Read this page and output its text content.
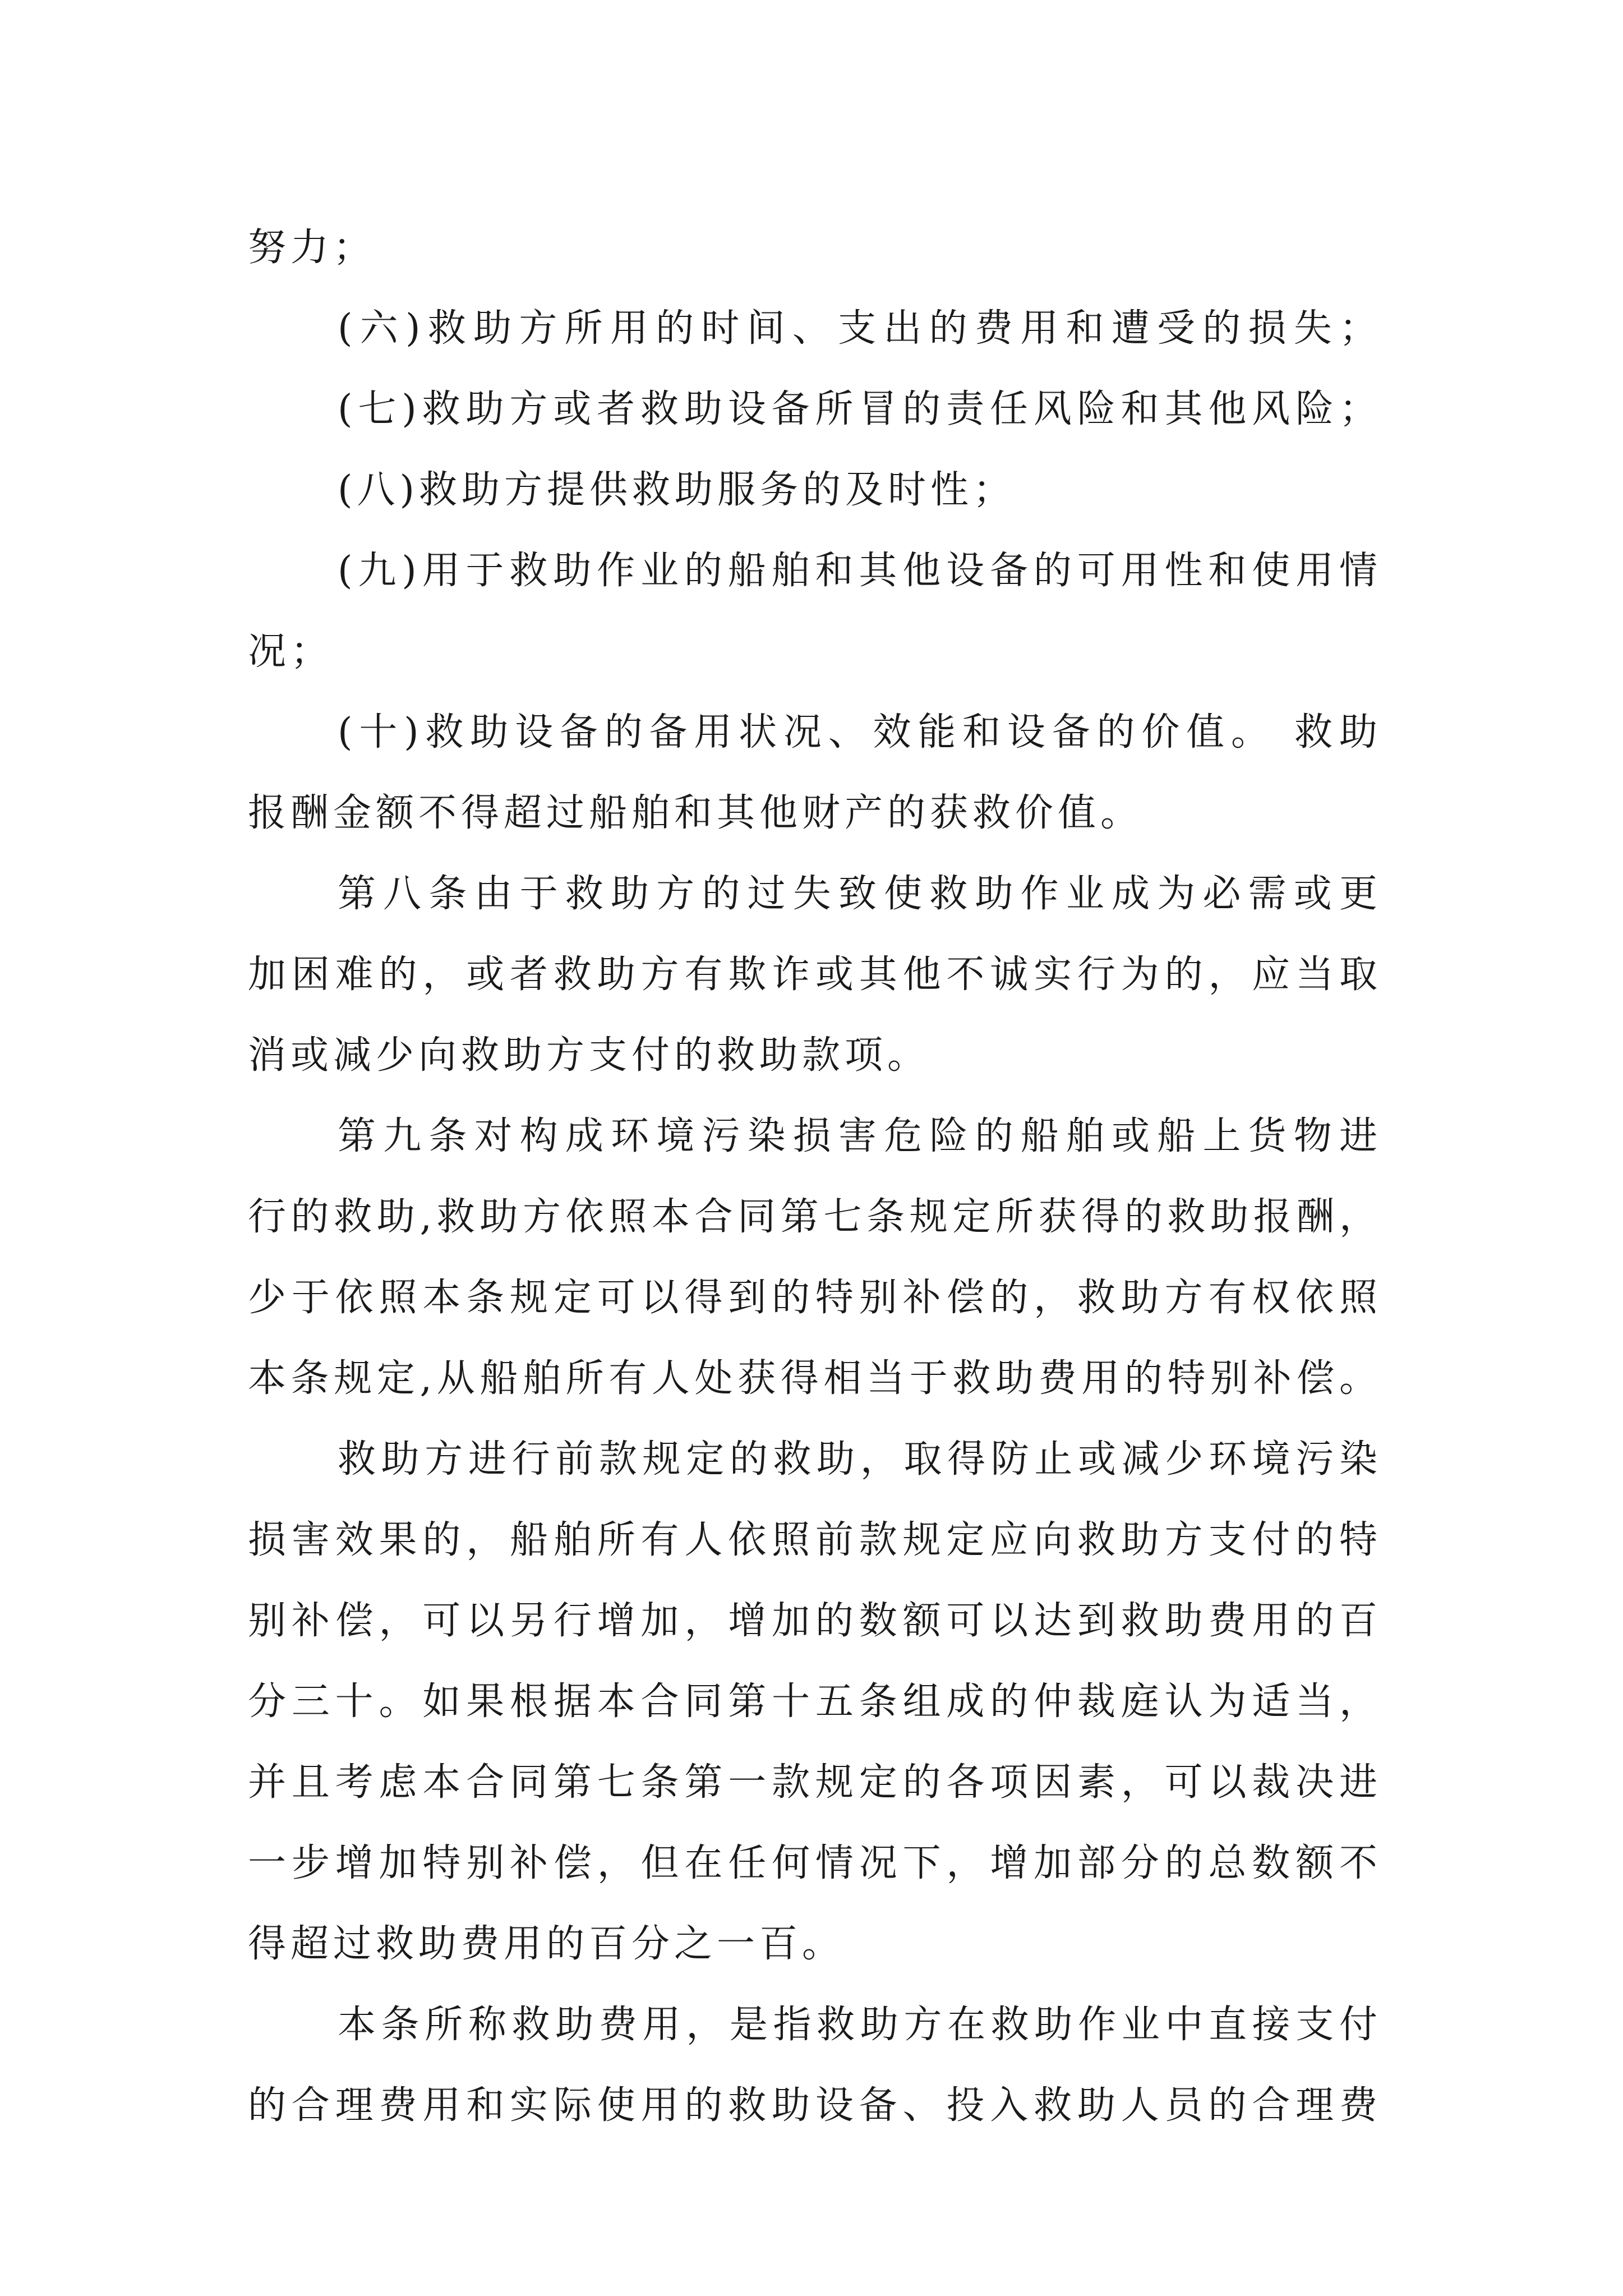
努力；
(六)救助方所用的时间、支出的费用和遭受的损失；
(七)救助方或者救助设备所冒的责任风险和其他风险；
(八)救助方提供救助服务的及时性；
(九)用于救助作业的船舶和其他设备的可用性和使用情
况；
(十)救助设备的备用状况、效能和设备的价值。 救助
报酬金额不得超过船舶和其他财产的获救价值。
第八条由于救助方的过失致使救助作业成为必需或更
加困难的，或者救助方有欺诈或其他不诚实行为的，应当取
消或减少向救助方支付的救助款项。
第九条对构成环境污染损害危险的船舶或船上货物进
行的救助,救助方依照本合同第七条规定所获得的救助报酬，
少于依照本条规定可以得到的特别补偿的，救助方有权依照
本条规定,从船舶所有人处获得相当于救助费用的特别补偿。
救助方进行前款规定的救助，取得防止或减少环境污染
损害效果的，船舶所有人依照前款规定应向救助方支付的特
别补偿，可以另行增加，增加的数额可以达到救助费用的百
分三十。如果根据本合同第十五条组成的仲裁庭认为适当，
并且考虑本合同第七条第一款规定的各项因素，可以裁决进
一步增加特别补偿，但在任何情况下，增加部分的总数额不
得超过救助费用的百分之一百。
本条所称救助费用，是指救助方在救助作业中直接支付
的合理费用和实际使用的救助设备、投入救助人员的合理费
